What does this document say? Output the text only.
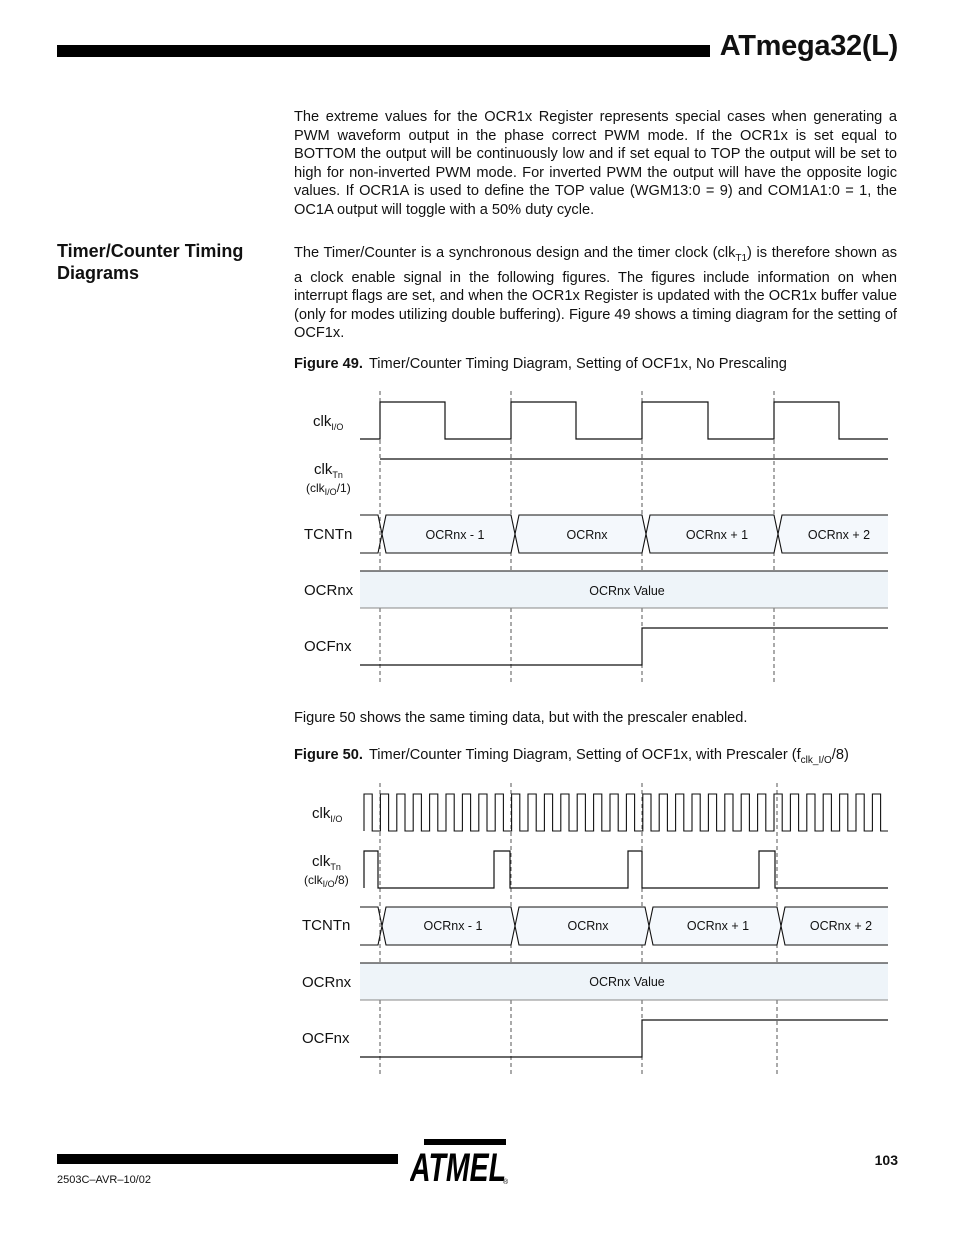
ATmega32(L)

The extreme values for the OCR1x Register represents special cases when generating a PWM waveform output in the phase correct PWM mode. If the OCR1x is set equal to BOTTOM the output will be continuously low and if set equal to TOP the output will be set to high for non-inverted PWM mode. For inverted PWM the output will have the opposite logic values. If OCR1A is used to define the TOP value (WGM13:0 = 9) and COM1A1:0 = 1, the OC1A output will toggle with a 50% duty cycle.

Timer/Counter Timing Diagrams

The Timer/Counter is a synchronous design and the timer clock (clk$_{T1}$) is therefore shown as a clock enable signal in the following figures. The figures include information on when interrupt flags are set, and when the OCR1x Register is updated with the OCR1x buffer value (only for modes utilizing double buffering). Figure 49 shows a timing diagram for the setting of OCF1x.

Figure 49. Timer/Counter Timing Diagram, Setting of OCF1x, No Prescaling
clk$_{I/O}$
clk$_{Tn}$
(clk$_{I/O}$/1)
TCNTn
OCRnx
OCFnx
OCRnx - 1	OCRnx	OCRnx + 1	OCRnx + 2
OCRnx Value

Figure 50 shows the same timing data, but with the prescaler enabled.

Figure 50. Timer/Counter Timing Diagram, Setting of OCF1x, with Prescaler $(f_{clk\_I/O}/8)$
clk$_{I/O}$
clk$_{Tn}$
(clk$_{I/O}$/8)
TCNTn
OCRnx
OCFnx
OCRnx - 1	OCRnx	OCRnx + 1	OCRnx + 2
OCRnx Value
2503C–AVR–10/02
103
ATMEL
®
